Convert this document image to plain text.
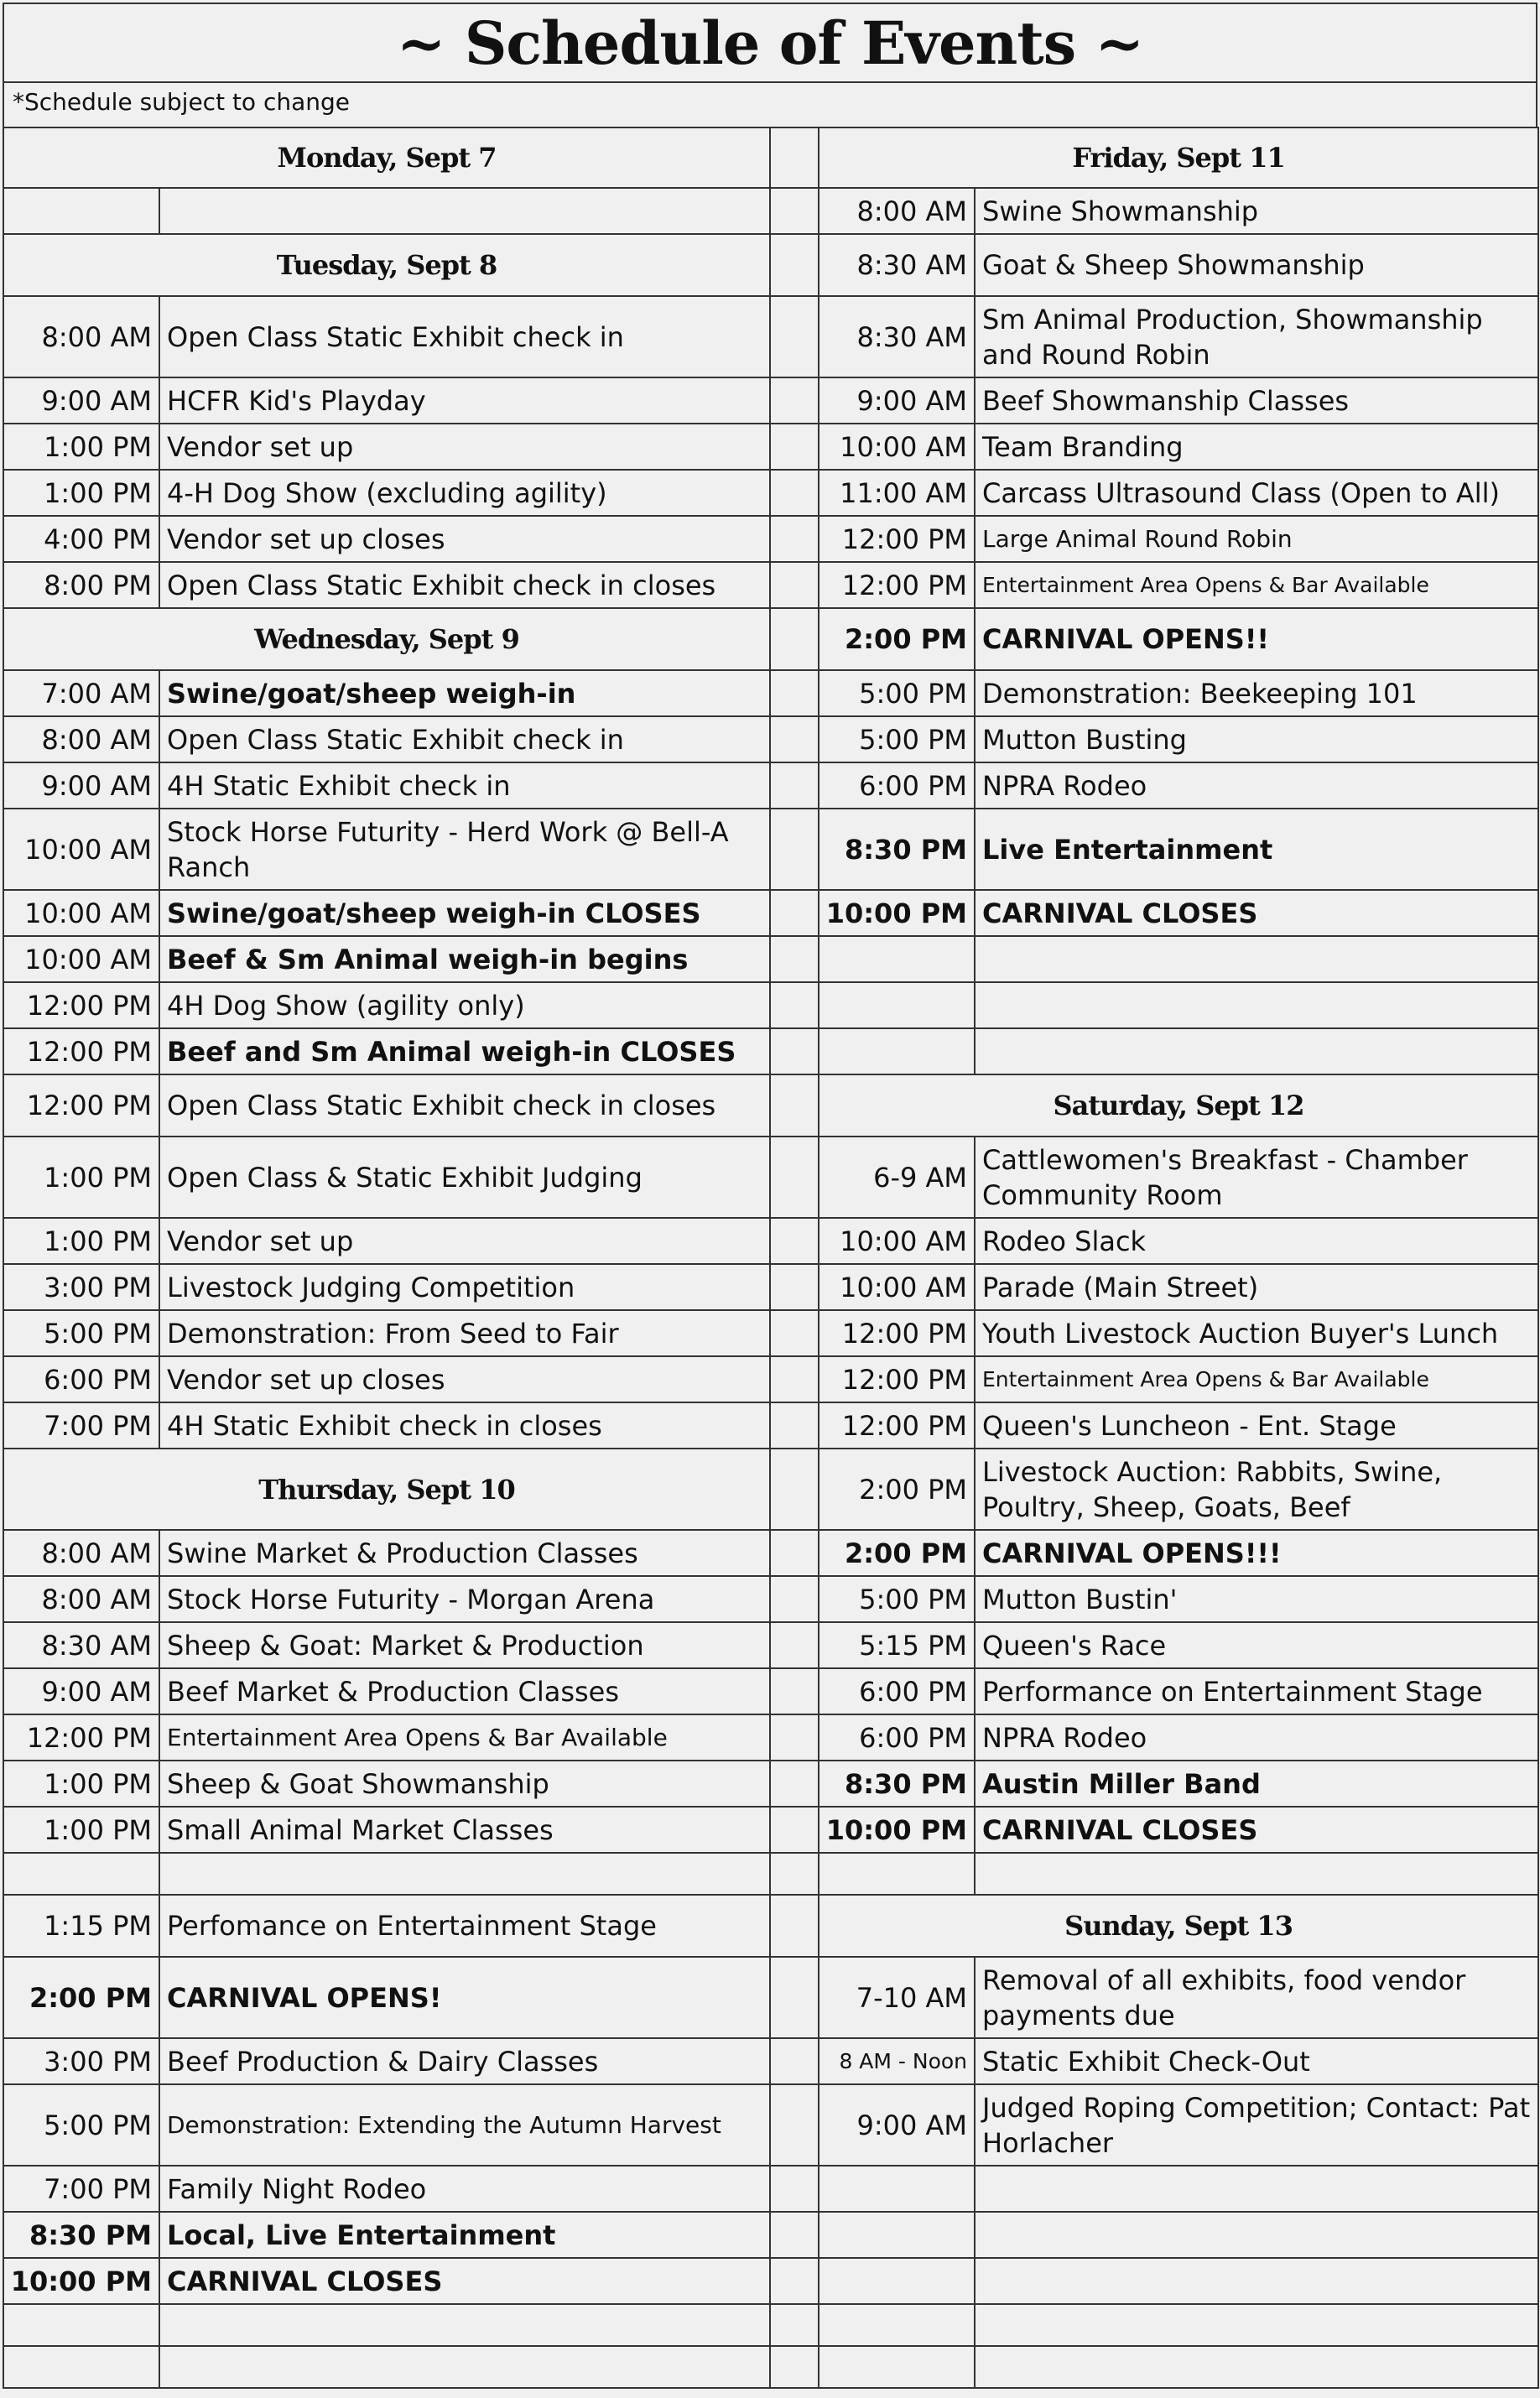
~ Schedule of Events ~
*Schedule subject to change
Monday, Sept 7			Friday, Sept 11	
			8:00 AM	Swine Showmanship
Tuesday, Sept 8			8:30 AM	Goat & Sheep Showmanship
8:00 AM	Open Class Static Exhibit check in		8:30 AM	Sm Animal Production, Showmanship and Round Robin
9:00 AM	HCFR Kid's Playday		9:00 AM	Beef Showmanship Classes
1:00 PM	Vendor set up		10:00 AM	Team Branding
1:00 PM	4-H Dog Show (excluding agility)		11:00 AM	Carcass Ultrasound Class (Open to All)
4:00 PM	Vendor set up closes		12:00 PM	Large Animal Round Robin
8:00 PM	Open Class Static Exhibit check in closes		12:00 PM	Entertainment Area Opens & Bar Available
Wednesday, Sept 9			2:00 PM	CARNIVAL OPENS!!
7:00 AM	Swine/goat/sheep weigh-in		5:00 PM	Demonstration: Beekeeping 101
8:00 AM	Open Class Static Exhibit check in		5:00 PM	Mutton Busting
9:00 AM	4H Static Exhibit check in		6:00 PM	NPRA Rodeo
10:00 AM	Stock Horse Futurity - Herd Work @ Bell-A Ranch		8:30 PM	Live Entertainment
10:00 AM	Swine/goat/sheep weigh-in CLOSES		10:00 PM	CARNIVAL CLOSES
10:00 AM	Beef & Sm Animal weigh-in begins			
12:00 PM	4H Dog Show (agility only)			
12:00 PM	Beef and Sm Animal weigh-in CLOSES			
12:00 PM	Open Class Static Exhibit check in closes		Saturday, Sept 12	
1:00 PM	Open Class & Static Exhibit Judging		6-9 AM	Cattlewomen's Breakfast - Chamber Community Room
1:00 PM	Vendor set up		10:00 AM	Rodeo Slack
3:00 PM	Livestock Judging Competition		10:00 AM	Parade (Main Street)
5:00 PM	Demonstration: From Seed to Fair		12:00 PM	Youth Livestock Auction Buyer's Lunch
6:00 PM	Vendor set up closes		12:00 PM	Entertainment Area Opens & Bar Available
7:00 PM	4H Static Exhibit check in closes		12:00 PM	Queen's Luncheon - Ent. Stage
Thursday, Sept 10			2:00 PM	Livestock Auction: Rabbits, Swine, Poultry, Sheep, Goats, Beef
8:00 AM	Swine Market & Production Classes		2:00 PM	CARNIVAL OPENS!!!
8:00 AM	Stock Horse Futurity - Morgan Arena		5:00 PM	Mutton Bustin'
8:30 AM	Sheep & Goat: Market & Production		5:15 PM	Queen's Race
9:00 AM	Beef Market & Production Classes		6:00 PM	Performance on Entertainment Stage
12:00 PM	Entertainment Area Opens & Bar Available		6:00 PM	NPRA Rodeo
1:00 PM	Sheep & Goat Showmanship		8:30 PM	Austin Miller Band
1:00 PM	Small Animal Market Classes		10:00 PM	CARNIVAL CLOSES

1:15 PM	Perfomance on Entertainment Stage		Sunday, Sept 13	
2:00 PM	CARNIVAL OPENS!		7-10 AM	Removal of all exhibits, food vendor payments due
3:00 PM	Beef Production & Dairy Classes		8 AM - Noon	Static Exhibit Check-Out
5:00 PM	Demonstration: Extending the Autumn Harvest		9:00 AM	Judged Roping Competition; Contact: Pat Horlacher
7:00 PM	Family Night Rodeo			
8:30 PM	Local, Live Entertainment			
10:00 PM	CARNIVAL CLOSES			
